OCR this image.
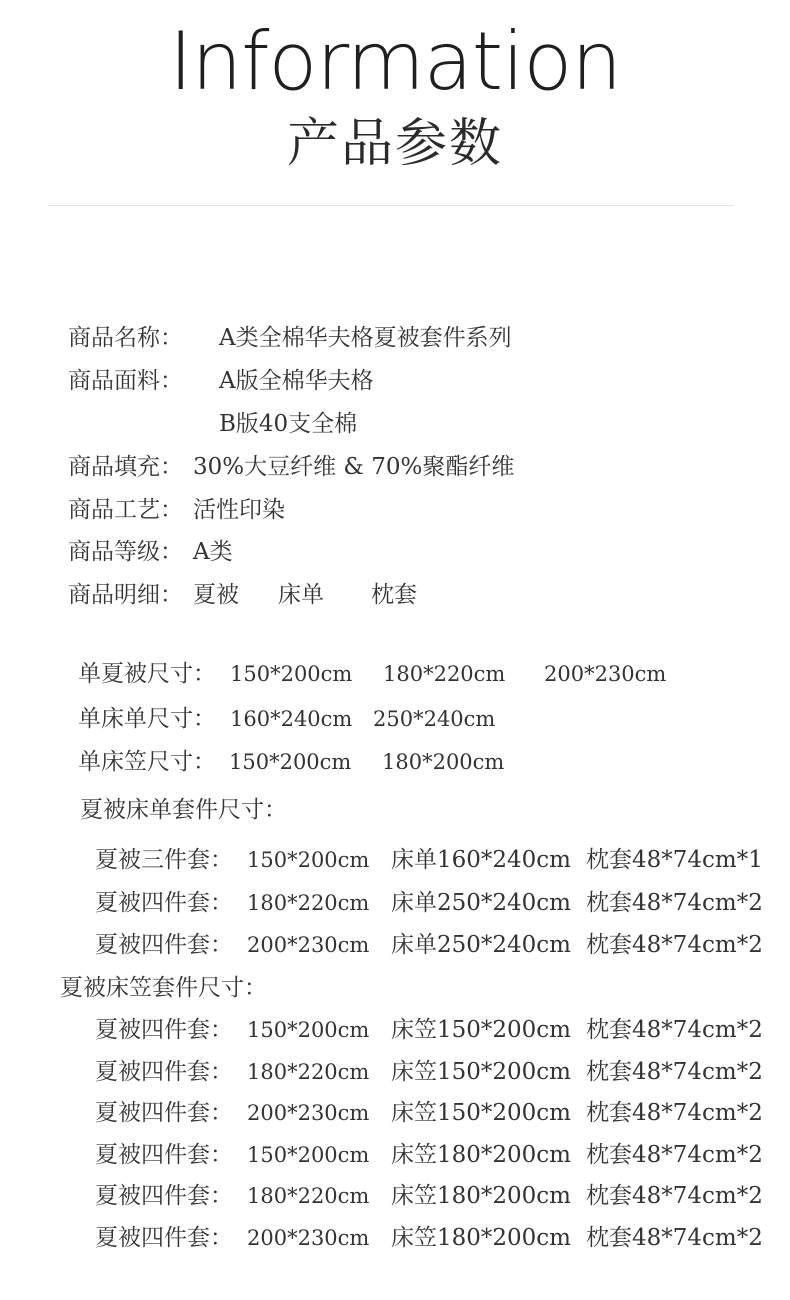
Information
产品参数
商品名称： A类全棉华夫格夏被套件系列
商品面料： A版全棉华夫格
B版40支全棉
商品填充： 30%大豆纤维 & 70%聚酯纤维
商品工艺： 活性印染
商品等级： A类
商品明细： 夏被 床单 枕套
单夏被尺寸： 150*200cm 180*220cm 200*230cm
单床单尺寸： 160*240cm 250*240cm
单床笠尺寸： 150*200cm 180*200cm
夏被床单套件尺寸：
夏被三件套： 150*200cm 床单160*240cm 枕套48*74cm*1
夏被四件套： 180*220cm 床单250*240cm 枕套48*74cm*2
夏被四件套： 200*230cm 床单250*240cm 枕套48*74cm*2
夏被床笠套件尺寸：
夏被四件套： 150*200cm 床笠150*200cm 枕套48*74cm*2
夏被四件套： 180*220cm 床笠150*200cm 枕套48*74cm*2
夏被四件套： 200*230cm 床笠150*200cm 枕套48*74cm*2
夏被四件套： 150*200cm 床笠180*200cm 枕套48*74cm*2
夏被四件套： 180*220cm 床笠180*200cm 枕套48*74cm*2
夏被四件套： 200*230cm 床笠180*200cm 枕套48*74cm*2
